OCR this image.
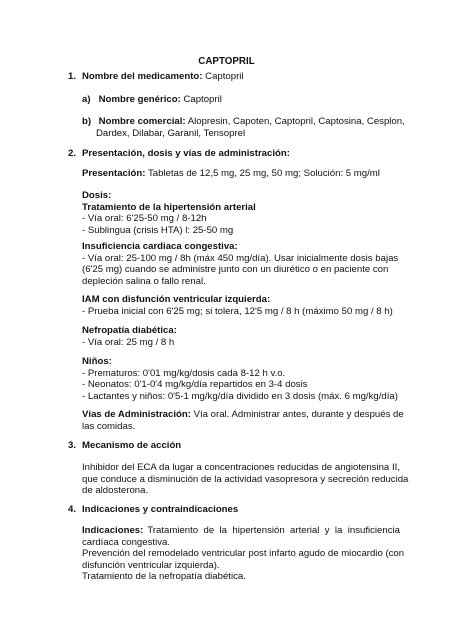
CAPTOPRIL
1. Nombre del medicamento: Captopril
a) Nombre genérico: Captopril
b) Nombre comercial: Alopresin, Capoten, Captopril, Captosina, Cesplon,
Dardex, Dilabar, Garanil, Tensoprel
2. Presentación, dosis y vías de administración:
Presentación: Tabletas de 12,5 mg, 25 mg, 50 mg; Solución: 5 mg/ml

Dosis:

Tratamiento de la hipertensión arterial

- Vía oral: 6'25-50 mg / 8-12h

- Sublingua (crisis HTA) l: 25-50 mg

Insuficiencia cardiaca congestiva:

- Vía oral: 25-100 mg / 8h (máx 450 mg/día). Usar inicialmente dosis bajas

(6'25 mg) cuando se administre junto con un diurético o en paciente con

depleción salina o fallo renal.

IAM con disfunción ventricular izquierda:

- Prueba inicial con 6'25 mg; si tolera, 12'5 mg / 8 h (máximo 50 mg / 8 h)

Nefropatía diabética:

- Vía oral: 25 mg / 8 h

Niños:

- Prematuros: 0'01 mg/kg/dosis cada 8-12 h v.o.

- Neonatos: 0'1-0'4 mg/kg/día repartidos en 3-4 dosis

- Lactantes y niños: 0'5-1 mg/kg/día dividido en 3 dosis (máx. 6 mg/kg/día)

Vías de Administración: Vía oral. Administrar antes, durante y después de

las comidas.

3. Mecanismo de acción

Inhibidor del ECA da lugar a concentraciones reducidas de angiotensina II,

que conduce a disminución de la actividad vasopresora y secreción reducida

de aldosterona.

4. Indicaciones y contraindicaciones

Indicaciones: Tratamiento de la hipertensión arterial y la insuficiencia

cardíaca congestiva.

Prevención del remodelado ventricular post infarto agudo de miocardio (con

disfunción ventricular izquierda).

Tratamiento de la nefropatía diabética.
